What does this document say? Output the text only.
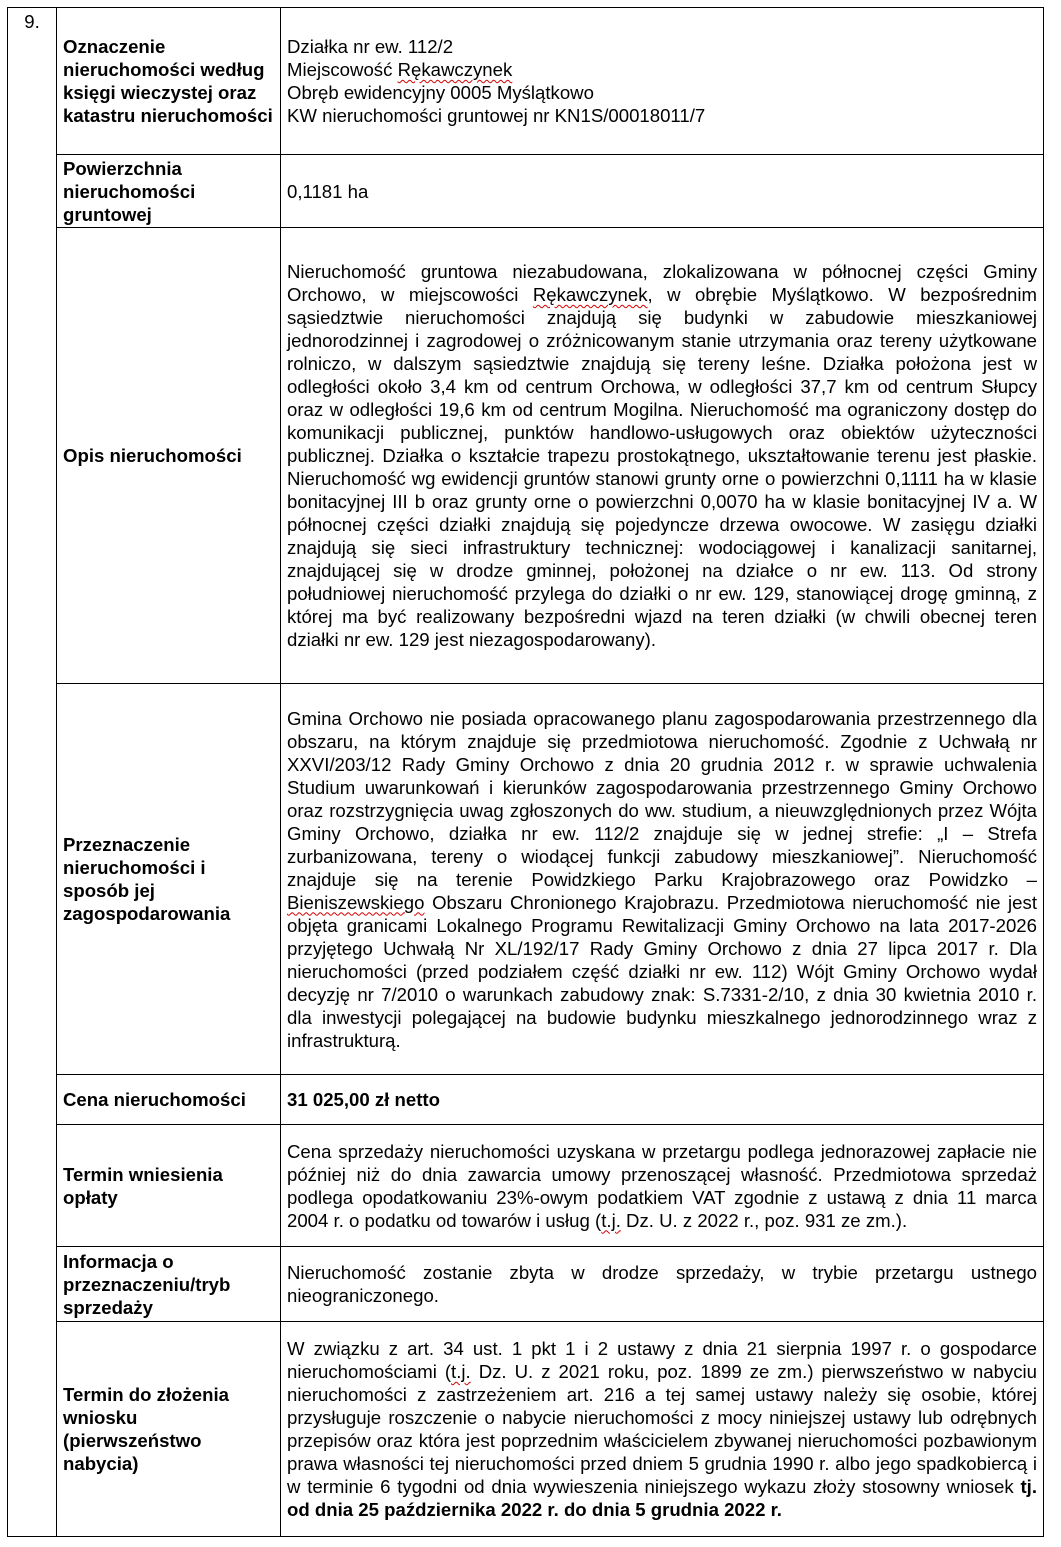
9.	Oznaczenie nieruchomości według księgi wieczystej oraz katastru nieruchomości	Działka nr ew. 112/2
Miejscowość Rękawczynek
Obręb ewidencyjny 0005 Myślątkowo
KW nieruchomości gruntowej nr KN1S/00018011/7

	Powierzchnia nieruchomości gruntowej	0,1181 ha
	Opis nieruchomości	Nieruchomość gruntowa niezabudowana, zlokalizowana w północnej części Gminy Orchowo, w miejscowości Rękawczynek, w obrębie Myślątkowo. W bezpośrednim sąsiedztwie nieruchomości znajdują się budynki w zabudowie mieszkaniowej jednorodzinnej i zagrodowej o zróżnicowanym stanie utrzymania oraz tereny użytkowane rolniczo, w dalszym sąsiedztwie znajdują się tereny leśne. Działka położona jest w odległości około 3,4 km od centrum Orchowa, w odległości 37,7 km od centrum Słupcy oraz w odległości 19,6 km od centrum Mogilna. Nieruchomość ma ograniczony dostęp do komunikacji publicznej, punktów handlowo-usługowych oraz obiektów użyteczności publicznej. Działka o kształcie trapezu prostokątnego, ukształtowanie terenu jest płaskie. Nieruchomość wg ewidencji gruntów stanowi grunty orne o powierzchni 0,1111 ha w klasie bonitacyjnej III b oraz grunty orne o powierzchni 0,0070 ha w klasie bonitacyjnej IV a. W północnej części działki znajdują się pojedyncze drzewa owocowe. W zasięgu działki znajdują się sieci infrastruktury technicznej: wodociągowej i kanalizacji sanitarnej, znajdującej się w drodze gminnej, położonej na działce o nr ew. 113. Od strony południowej nieruchomość przylega do działki o nr ew. 129, stanowiącej drogę gminną, z której ma być realizowany bezpośredni wjazd na teren działki (w chwili obecnej teren działki nr ew. 129 jest niezagospodarowany).
	Przeznaczenie nieruchomości i sposób jej zagospodarowania	Gmina Orchowo nie posiada opracowanego planu zagospodarowania przestrzennego dla obszaru, na którym znajduje się przedmiotowa nieruchomość. Zgodnie z Uchwałą nr XXVI/203/12 Rady Gminy Orchowo z dnia 20 grudnia 2012 r. w sprawie uchwalenia Studium uwarunkowań i kierunków zagospodarowania przestrzennego Gminy Orchowo oraz rozstrzygnięcia uwag zgłoszonych do ww. studium, a nieuwzględnionych przez Wójta Gminy Orchowo, działka nr ew. 112/2 znajduje się w jednej strefie: „I – Strefa zurbanizowana, tereny o wiodącej funkcji zabudowy mieszkaniowej”. Nieruchomość znajduje się na terenie Powidzkiego Parku Krajobrazowego oraz Powidzko – Bieniszewskiego Obszaru Chronionego Krajobrazu. Przedmiotowa nieruchomość nie jest objęta granicami Lokalnego Programu Rewitalizacji Gminy Orchowo na lata 2017-2026 przyjętego Uchwałą Nr XL/192/17 Rady Gminy Orchowo z dnia 27 lipca 2017 r. Dla nieruchomości (przed podziałem część działki nr ew. 112) Wójt Gminy Orchowo wydał decyzję nr 7/2010 o warunkach zabudowy znak: S.7331-2/10, z dnia 30 kwietnia 2010 r. dla inwestycji polegającej na budowie budynku mieszkalnego jednorodzinnego wraz z infrastrukturą.
	Cena nieruchomości	31 025,00 zł netto
	Termin wniesienia opłaty	Cena sprzedaży nieruchomości uzyskana w przetargu podlega jednorazowej zapłacie nie później niż do dnia zawarcia umowy przenoszącej własność. Przedmiotowa sprzedaż podlega opodatkowaniu 23%-owym podatkiem VAT zgodnie z ustawą z dnia 11 marca 2004 r. o podatku od towarów i usług (t.j. Dz. U. z 2022 r., poz. 931 ze zm.).
	Informacja o przeznaczeniu/tryb sprzedaży	Nieruchomość zostanie zbyta w drodze sprzedaży, w trybie przetargu ustnego nieograniczonego.
	Termin do złożenia wniosku (pierwszeństwo nabycia)	W związku z art. 34 ust. 1 pkt 1 i 2 ustawy z dnia 21 sierpnia 1997 r. o gospodarce nieruchomościami (t.j. Dz. U. z 2021 roku, poz. 1899 ze zm.) pierwszeństwo w nabyciu nieruchomości z zastrzeżeniem art. 216 a tej samej ustawy należy się osobie, której przysługuje roszczenie o nabycie nieruchomości z mocy niniejszej ustawy lub odrębnych przepisów oraz która jest poprzednim właścicielem zbywanej nieruchomości pozbawionym prawa własności tej nieruchomości przed dniem 5 grudnia 1990 r. albo jego spadkobiercą i w terminie 6 tygodni od dnia wywieszenia niniejszego wykazu złoży stosowny wniosek tj. od dnia 25 października 2022 r. do dnia 5 grudnia 2022 r.
